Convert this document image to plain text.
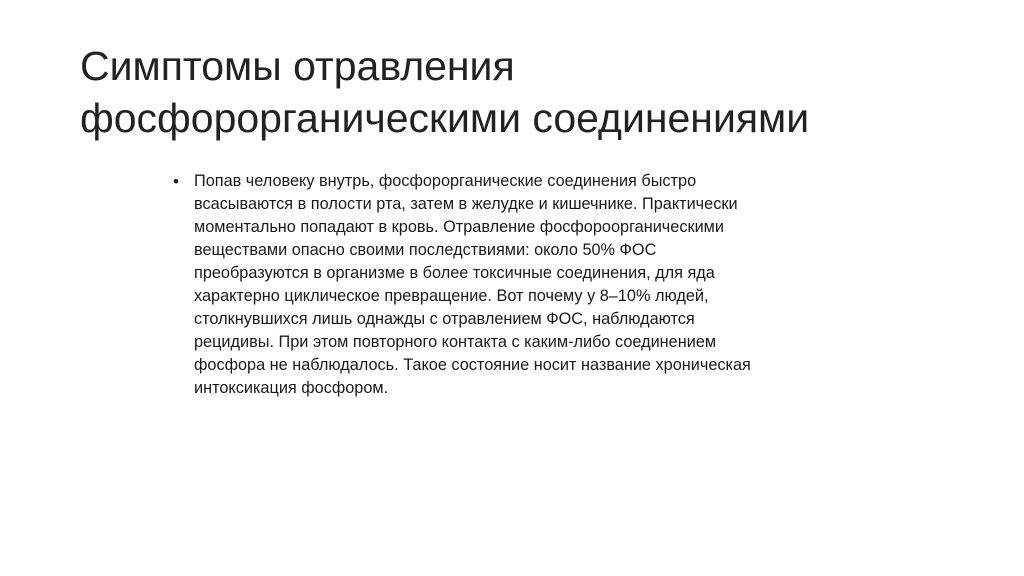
Симптомы отравления
фосфорорганическими соединениями
• Попав человеку внутрь, фосфорорганические соединения быстро
всасываются в полости рта, затем в желудке и кишечнике. Практически
моментально попадают в кровь. Отравление фосфороорганическими
веществами опасно своими последствиями: около 50% ФОС
преобразуются в организме в более токсичные соединения, для яда
характерно циклическое превращение. Вот почему у 8–10% людей,
столкнувшихся лишь однажды с отравлением ФОС, наблюдаются
рецидивы. При этом повторного контакта с каким-либо соединением
фосфора не наблюдалось. Такое состояние носит название хроническая
интоксикация фосфором.
